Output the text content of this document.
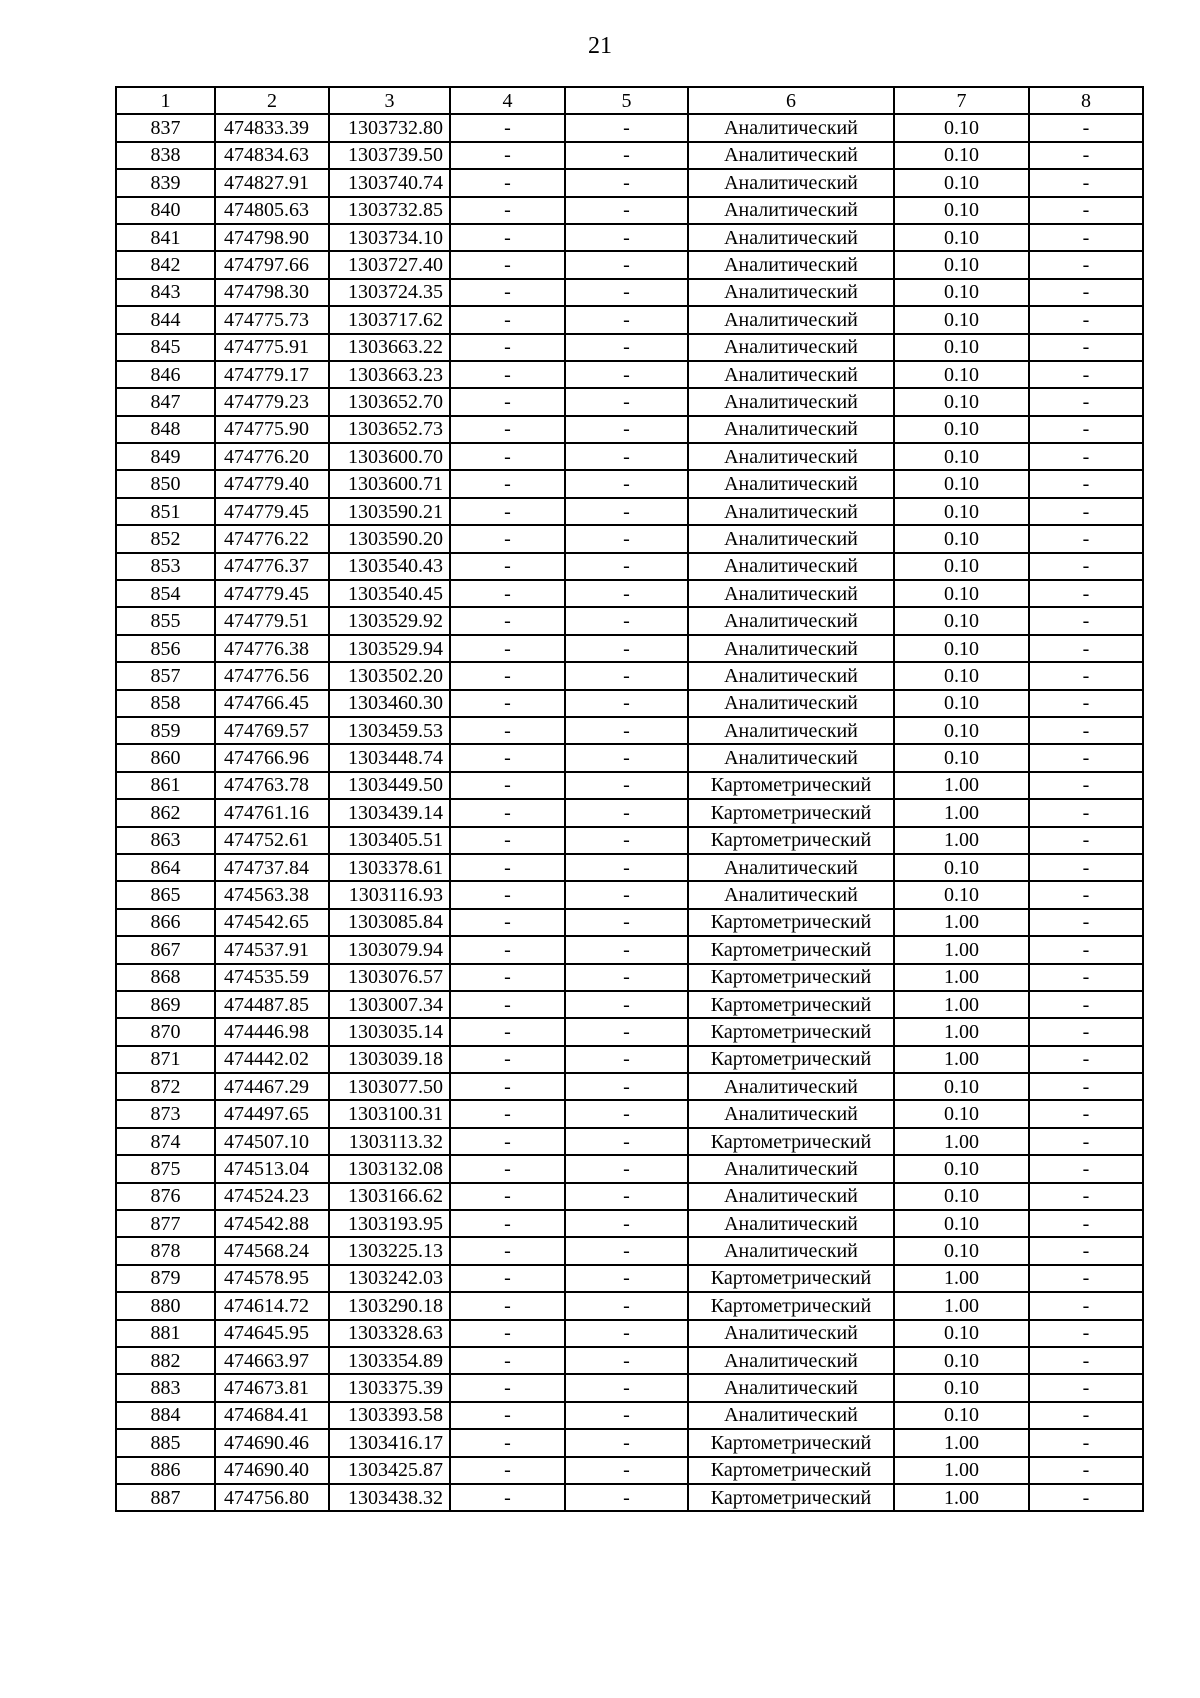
21
1	2	3	4	5	6	7	8
837	474833.39	1303732.80	-	-	Аналитический	0.10	-
838	474834.63	1303739.50	-	-	Аналитический	0.10	-
839	474827.91	1303740.74	-	-	Аналитический	0.10	-
840	474805.63	1303732.85	-	-	Аналитический	0.10	-
841	474798.90	1303734.10	-	-	Аналитический	0.10	-
842	474797.66	1303727.40	-	-	Аналитический	0.10	-
843	474798.30	1303724.35	-	-	Аналитический	0.10	-
844	474775.73	1303717.62	-	-	Аналитический	0.10	-
845	474775.91	1303663.22	-	-	Аналитический	0.10	-
846	474779.17	1303663.23	-	-	Аналитический	0.10	-
847	474779.23	1303652.70	-	-	Аналитический	0.10	-
848	474775.90	1303652.73	-	-	Аналитический	0.10	-
849	474776.20	1303600.70	-	-	Аналитический	0.10	-
850	474779.40	1303600.71	-	-	Аналитический	0.10	-
851	474779.45	1303590.21	-	-	Аналитический	0.10	-
852	474776.22	1303590.20	-	-	Аналитический	0.10	-
853	474776.37	1303540.43	-	-	Аналитический	0.10	-
854	474779.45	1303540.45	-	-	Аналитический	0.10	-
855	474779.51	1303529.92	-	-	Аналитический	0.10	-
856	474776.38	1303529.94	-	-	Аналитический	0.10	-
857	474776.56	1303502.20	-	-	Аналитический	0.10	-
858	474766.45	1303460.30	-	-	Аналитический	0.10	-
859	474769.57	1303459.53	-	-	Аналитический	0.10	-
860	474766.96	1303448.74	-	-	Аналитический	0.10	-
861	474763.78	1303449.50	-	-	Картометрический	1.00	-
862	474761.16	1303439.14	-	-	Картометрический	1.00	-
863	474752.61	1303405.51	-	-	Картометрический	1.00	-
864	474737.84	1303378.61	-	-	Аналитический	0.10	-
865	474563.38	1303116.93	-	-	Аналитический	0.10	-
866	474542.65	1303085.84	-	-	Картометрический	1.00	-
867	474537.91	1303079.94	-	-	Картометрический	1.00	-
868	474535.59	1303076.57	-	-	Картометрический	1.00	-
869	474487.85	1303007.34	-	-	Картометрический	1.00	-
870	474446.98	1303035.14	-	-	Картометрический	1.00	-
871	474442.02	1303039.18	-	-	Картометрический	1.00	-
872	474467.29	1303077.50	-	-	Аналитический	0.10	-
873	474497.65	1303100.31	-	-	Аналитический	0.10	-
874	474507.10	1303113.32	-	-	Картометрический	1.00	-
875	474513.04	1303132.08	-	-	Аналитический	0.10	-
876	474524.23	1303166.62	-	-	Аналитический	0.10	-
877	474542.88	1303193.95	-	-	Аналитический	0.10	-
878	474568.24	1303225.13	-	-	Аналитический	0.10	-
879	474578.95	1303242.03	-	-	Картометрический	1.00	-
880	474614.72	1303290.18	-	-	Картометрический	1.00	-
881	474645.95	1303328.63	-	-	Аналитический	0.10	-
882	474663.97	1303354.89	-	-	Аналитический	0.10	-
883	474673.81	1303375.39	-	-	Аналитический	0.10	-
884	474684.41	1303393.58	-	-	Аналитический	0.10	-
885	474690.46	1303416.17	-	-	Картометрический	1.00	-
886	474690.40	1303425.87	-	-	Картометрический	1.00	-
887	474756.80	1303438.32	-	-	Картометрический	1.00	-
